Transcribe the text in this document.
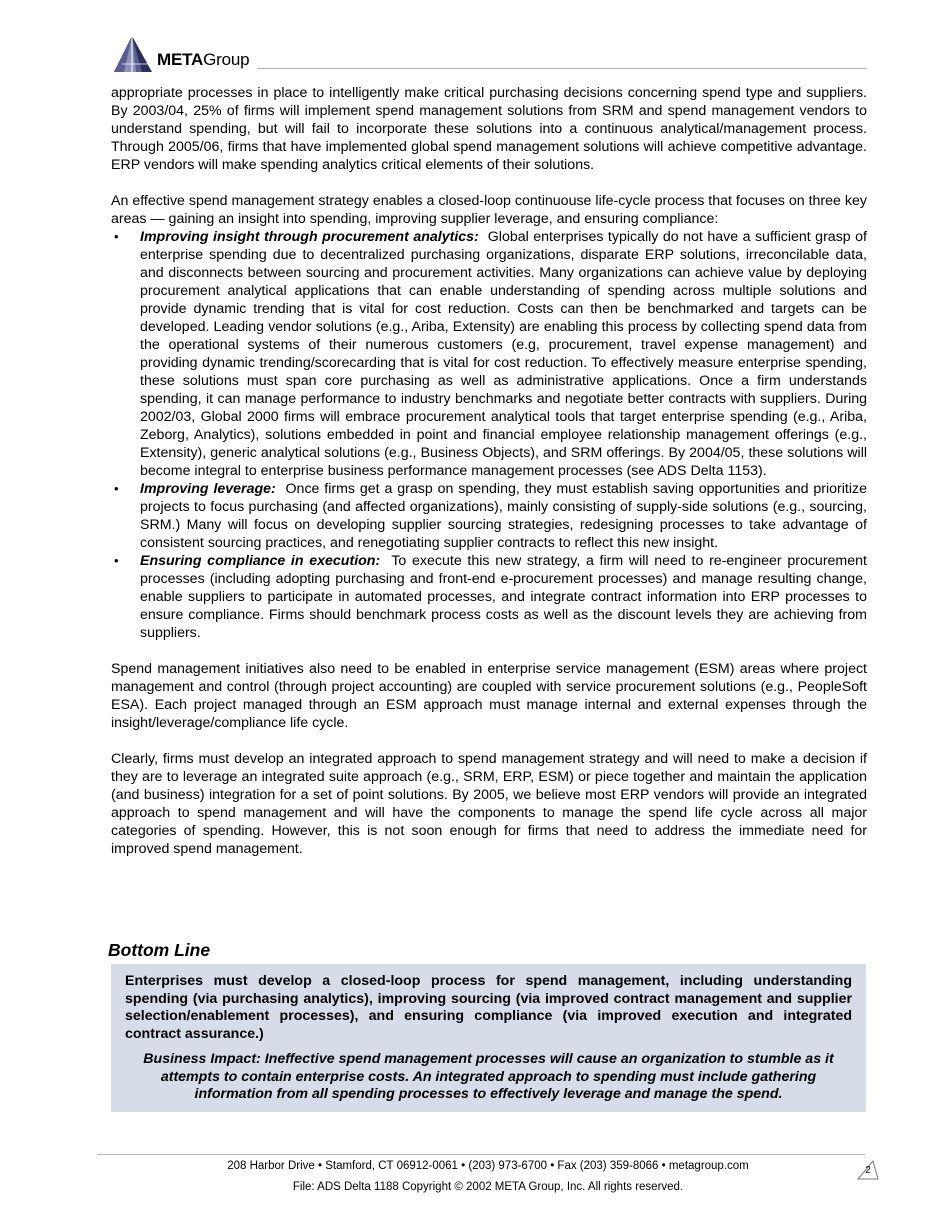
METAGroup

appropriate processes in place to intelligently make critical purchasing decisions concerning spend type and suppliers. By 2003/04, 25% of firms will implement spend management solutions from SRM and spend management vendors to understand spending, but will fail to incorporate these solutions into a continuous analytical/management process. Through 2005/06, firms that have implemented global spend management solutions will achieve competitive advantage. ERP vendors will make spending analytics critical elements of their solutions.

An effective spend management strategy enables a closed-loop continuouse life-cycle process that focuses on three key areas — gaining an insight into spending, improving supplier leverage, and ensuring compliance:

• Improving insight through procurement analytics: Global enterprises typically do not have a sufficient grasp of enterprise spending due to decentralized purchasing organizations, disparate ERP solutions, irreconcilable data, and disconnects between sourcing and procurement activities. Many organizations can achieve value by deploying procurement analytical applications that can enable understanding of spending across multiple solutions and provide dynamic trending that is vital for cost reduction. Costs can then be benchmarked and targets can be developed. Leading vendor solutions (e.g., Ariba, Extensity) are enabling this process by collecting spend data from the operational systems of their numerous customers (e.g, procurement, travel expense management) and providing dynamic trending/scorecarding that is vital for cost reduction. To effectively measure enterprise spending, these solutions must span core purchasing as well as administrative applications. Once a firm understands spending, it can manage performance to industry benchmarks and negotiate better contracts with suppliers. During 2002/03, Global 2000 firms will embrace procurement analytical tools that target enterprise spending (e.g., Ariba, Zeborg, Analytics), solutions embedded in point and financial employee relationship management offerings (e.g., Extensity), generic analytical solutions (e.g., Business Objects), and SRM offerings. By 2004/05, these solutions will become integral to enterprise business performance management processes (see ADS Delta 1153).
• Improving leverage: Once firms get a grasp on spending, they must establish saving opportunities and prioritize projects to focus purchasing (and affected organizations), mainly consisting of supply-side solutions (e.g., sourcing, SRM.) Many will focus on developing supplier sourcing strategies, redesigning processes to take advantage of consistent sourcing practices, and renegotiating supplier contracts to reflect this new insight.
• Ensuring compliance in execution: To execute this new strategy, a firm will need to re-engineer procurement processes (including adopting purchasing and front-end e-procurement processes) and manage resulting change, enable suppliers to participate in automated processes, and integrate contract information into ERP processes to ensure compliance. Firms should benchmark process costs as well as the discount levels they are achieving from suppliers.

Spend management initiatives also need to be enabled in enterprise service management (ESM) areas where project management and control (through project accounting) are coupled with service procurement solutions (e.g., PeopleSoft ESA). Each project managed through an ESM approach must manage internal and external expenses through the insight/leverage/compliance life cycle.

Clearly, firms must develop an integrated approach to spend management strategy and will need to make a decision if they are to leverage an integrated suite approach (e.g., SRM, ERP, ESM) or piece together and maintain the application (and business) integration for a set of point solutions. By 2005, we believe most ERP vendors will provide an integrated approach to spend management and will have the components to manage the spend life cycle across all major categories of spending. However, this is not soon enough for firms that need to address the immediate need for improved spend management.

Bottom Line

Enterprises must develop a closed-loop process for spend management, including understanding spending (via purchasing analytics), improving sourcing (via improved contract management and supplier selection/enablement processes), and ensuring compliance (via improved execution and integrated contract assurance.)

Business Impact: Ineffective spend management processes will cause an organization to stumble as it attempts to contain enterprise costs. An integrated approach to spending must include gathering information from all spending processes to effectively leverage and manage the spend.

208 Harbor Drive • Stamford, CT 06912-0061 • (203) 973-6700 • Fax (203) 359-8066 • metagroup.com
File: ADS Delta 1188 Copyright © 2002 META Group, Inc. All rights reserved.
2
